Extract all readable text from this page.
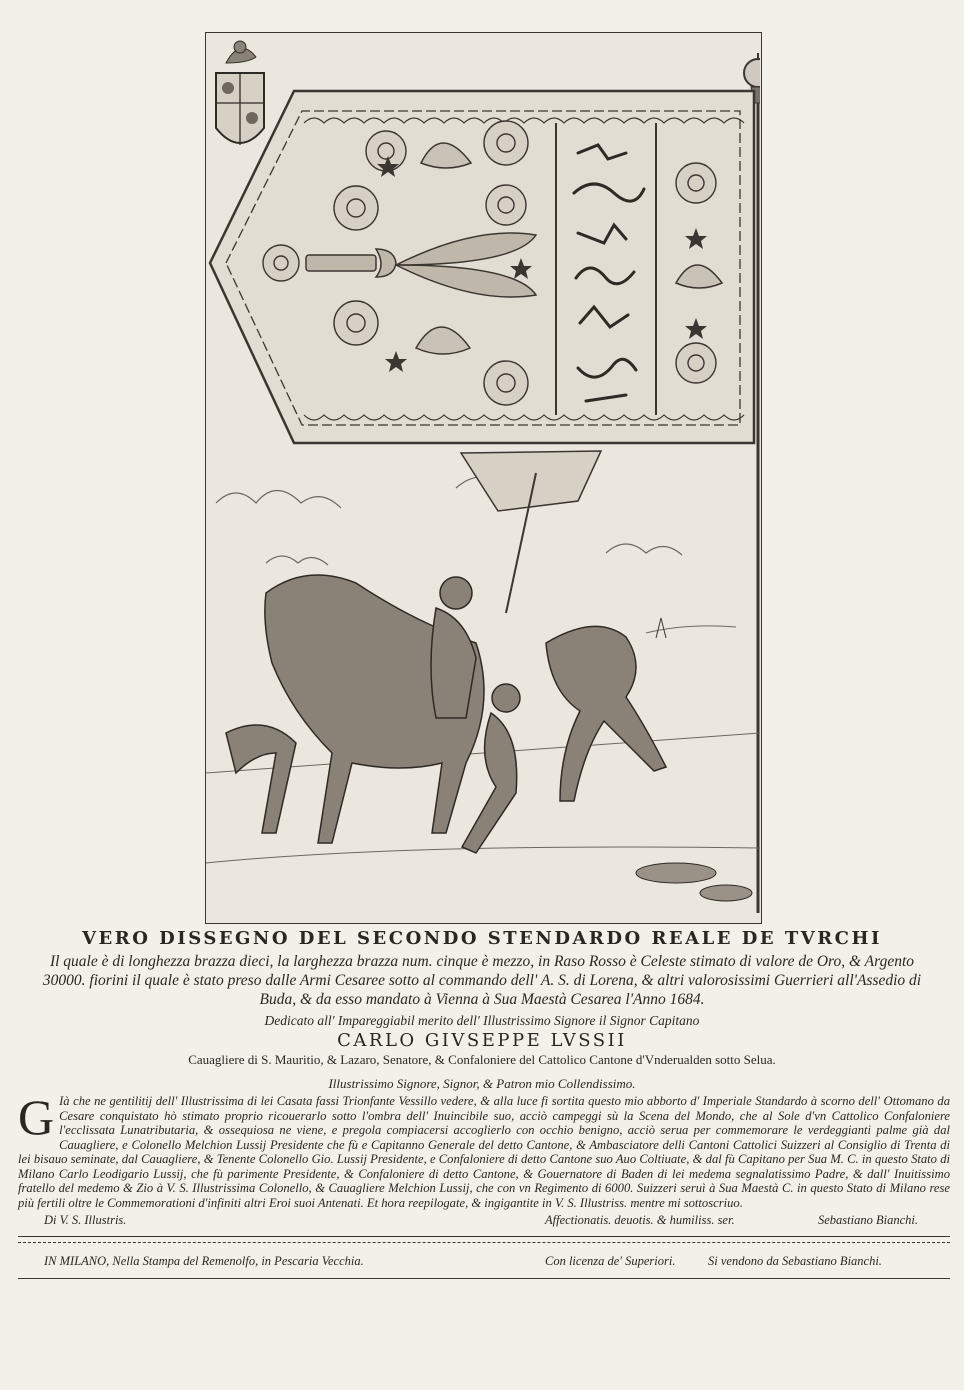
VERO DISSEGNO DEL SECONDO STENDARDO REALE DE TVRCHI
Il quale è di longhezza brazza dieci, la larghezza brazza num. cinque è mezzo, in Raso Rosso è Celeste stimato di valore de Oro, & Argento 30000. fiorini il quale è stato preso dalle Armi Cesaree sotto al commando dell' A. S. di Lorena, & altri valorosissimi Guerrieri all'Assedio di Buda, & da esso mandato à Vienna à Sua Maestà Cesarea l'Anno 1684.
Dedicato all' Impareggiabil merito dell' Illustrissimo Signore il Signor Capitano
CARLO GIVSEPPE LVSSII
Cauagliere di S. Mauritio, & Lazaro, Senatore, & Confaloniere del Cattolico Cantone d'Vnderualden sotto Selua.
Illustrissimo Signore, Signor, & Patron mio Collendissimo.

G Ià che ne gentilitij dell' Illustrissima di lei Casata fassi Trionfante Vessillo vedere, & alla luce fi sortita questo mio abborto d' Imperiale Standardo à scorno dell' Ottomano da Cesare conquistato hò stimato proprio ricouerarlo sotto l'ombra dell' Inuincibile suo, acciò campeggi sù la Scena del Mondo, che al Sole d'vn Cattolico Confaloniere l'ecclissata Lunatributaria, & ossequiosa ne viene, e pregola compiacersi accoglierlo con occhio benigno, acciò serua per commemorare le verdeggianti palme già dal Cauagliere, e Colonello Melchion Lussij Presidente che fù e Capitanno Generale del detto Cantone, & Ambasciatore delli Cantoni Cattolici Suizzeri al Consiglio di Trenta di lei bisauo seminate, dal Cauagliere, & Tenente Colonello Gio. Lussij Presidente, e Confaloniere di detto Cantone suo Auo Coltiuate, & dal fù Capitano per Sua M. C. in questo Stato di Milano Carlo Leodigario Lussij, che fù parimente Presidente, & Confaloniere di detto Cantone, & Gouernatore di Baden di lei medema segnalatissimo Padre, & dall' Inuitissimo fratello del medemo & Zio à V. S. Illustrissima Colonello, & Cauagliere Melchion Lussij, che con vn Regimento di 6000. Suizzeri seruì à Sua Maestà C. in questo Stato di Milano rese più fertili oltre le Commemorationi d'infiniti altri Eroi suoi Antenati. Et hora reepilogate, & ingigantite in V. S. Illustriss. mentre mi sottoscriuo.

Di V. S. Illustris.	Affectionatis. deuotis. & humiliss. ser.	Sebastiano Bianchi.
IN MILANO, Nella Stampa del Remenolfo, in Pescaria Vecchia.	Con licenza de' Superiori.	Si vendono da Sebastiano Bianchi.
